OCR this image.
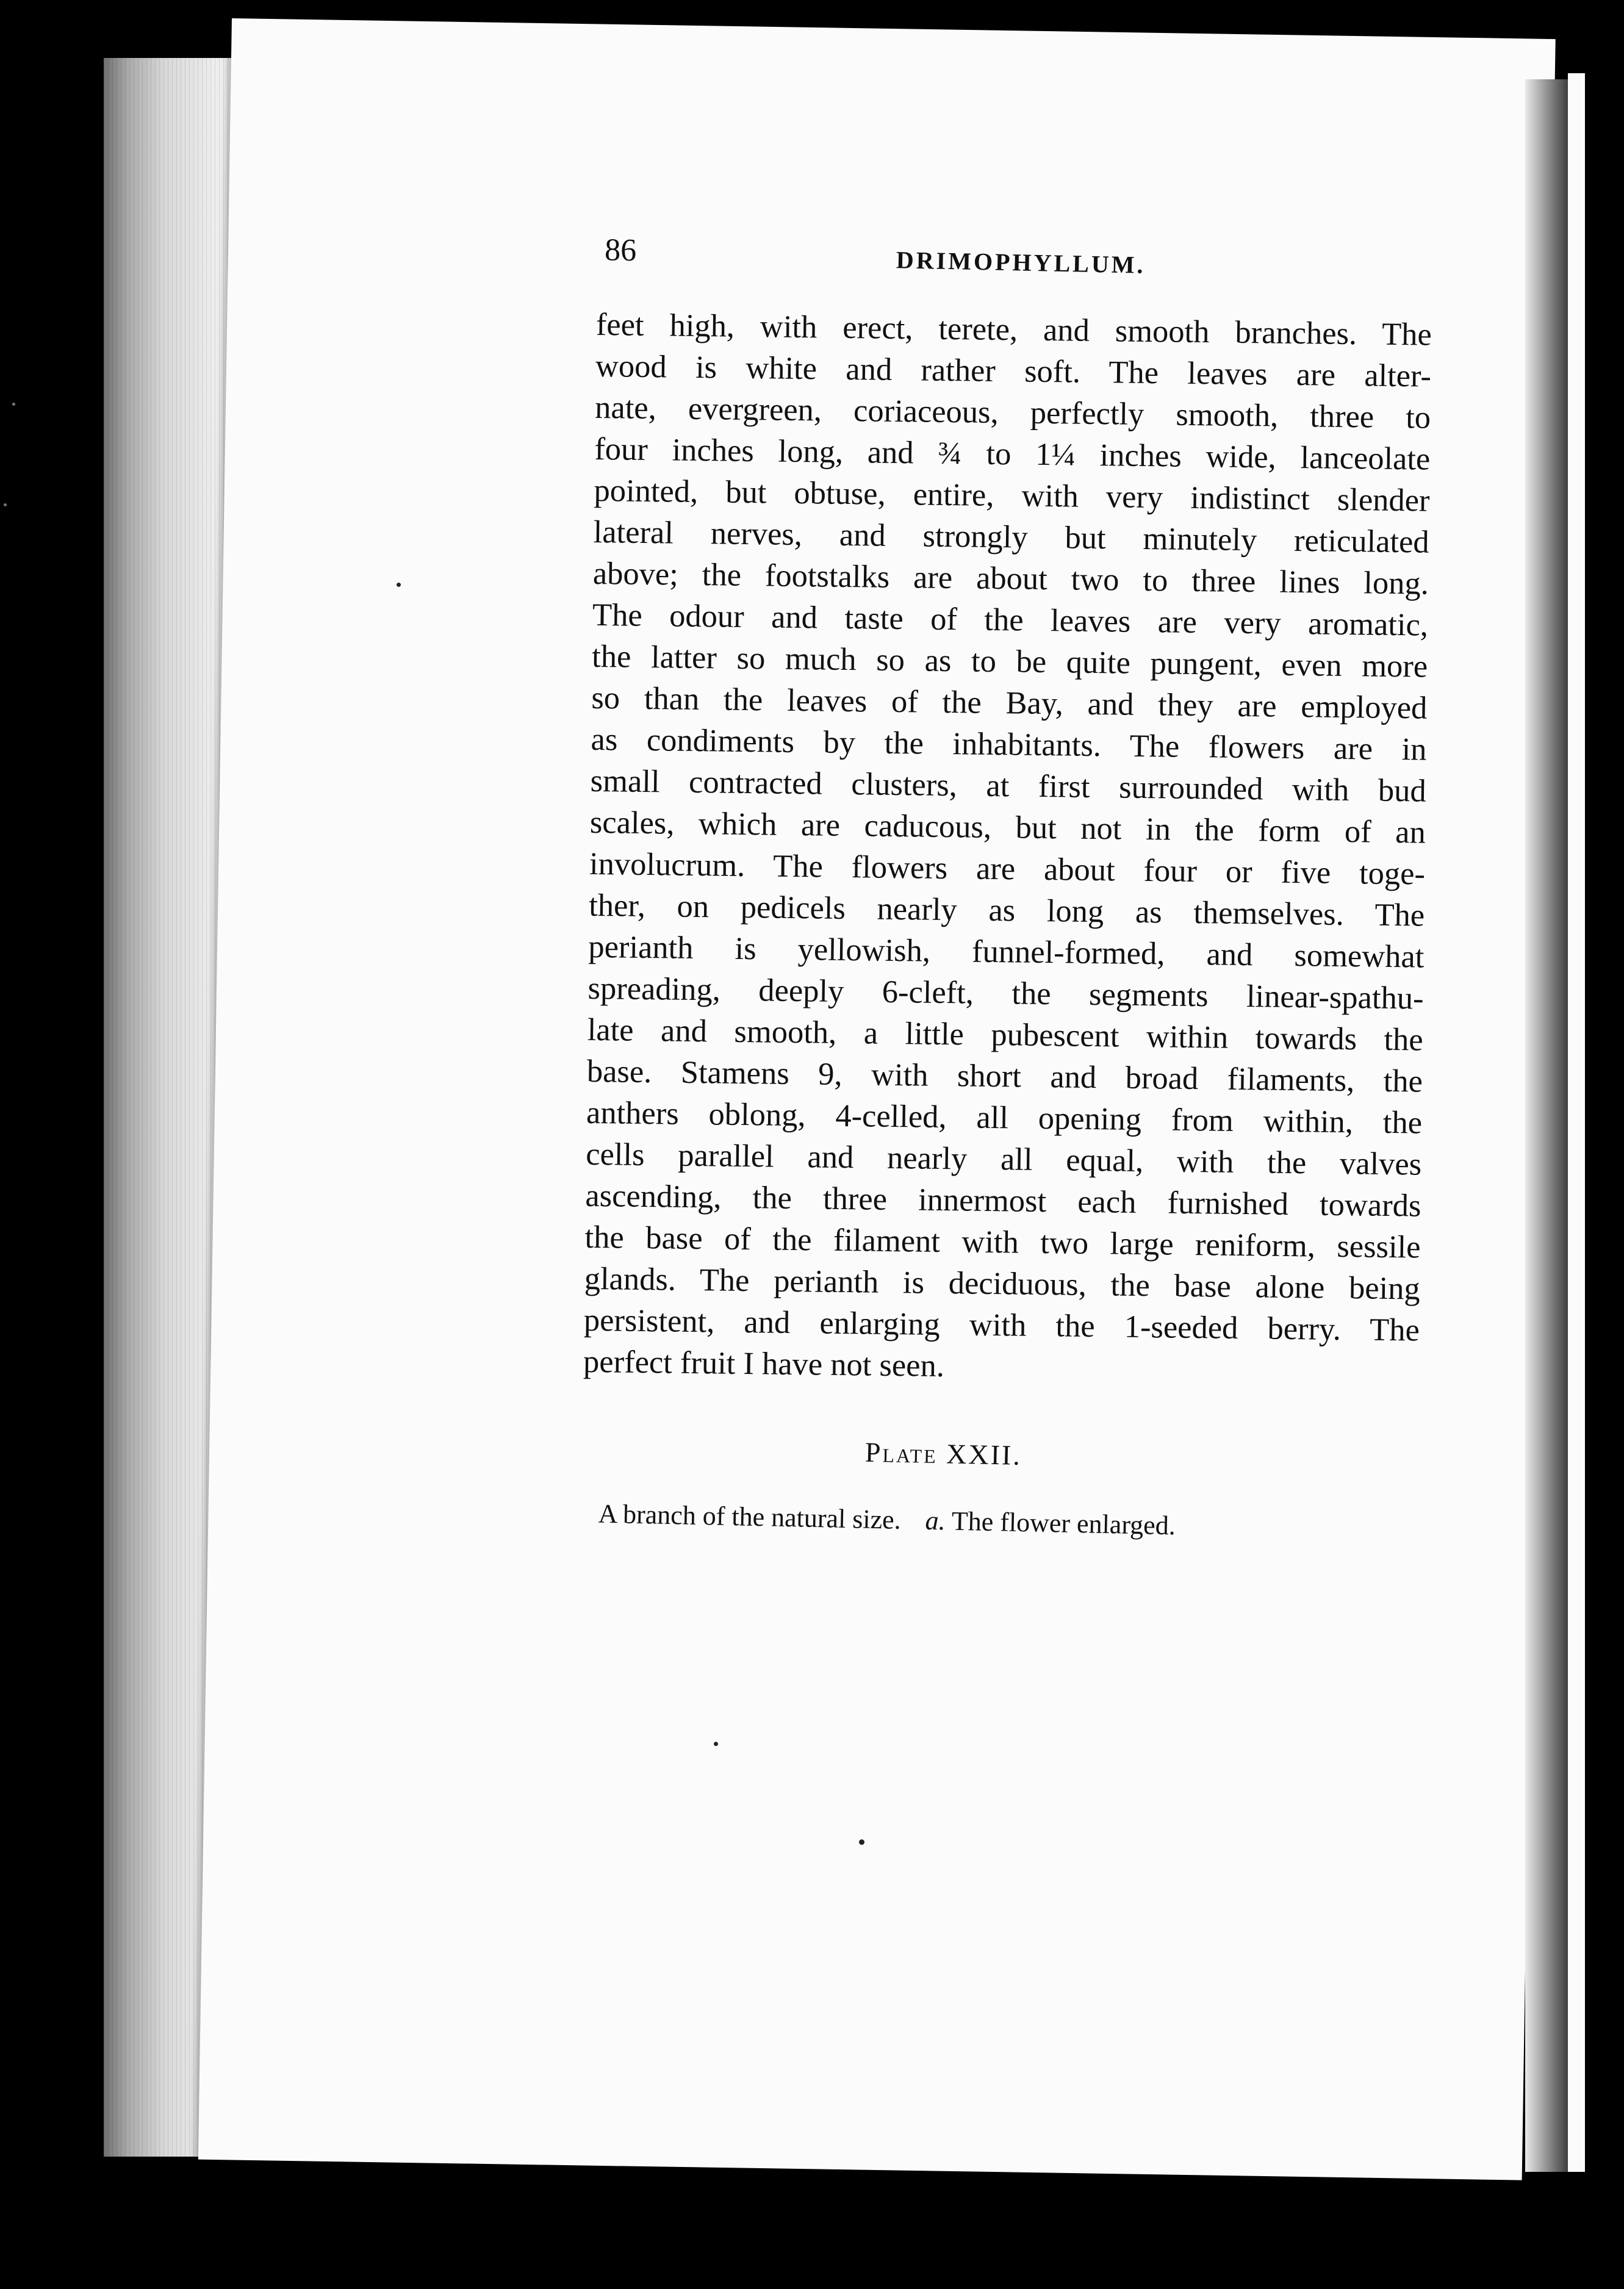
86	DRIMOPHYLLUM.
feet high, with erect, terete, and smooth branches. The
wood is white and rather soft. The leaves are alter-
nate, evergreen, coriaceous, perfectly smooth, three to
four inches long, and ¾ to 1¼ inches wide, lanceolate
pointed, but obtuse, entire, with very indistinct slender
lateral nerves, and strongly but minutely reticulated
above; the footstalks are about two to three lines long.
The odour and taste of the leaves are very aromatic,
the latter so much so as to be quite pungent, even more
so than the leaves of the Bay, and they are employed
as condiments by the inhabitants. The flowers are in
small contracted clusters, at first surrounded with bud
scales, which are caducous, but not in the form of an
involucrum. The flowers are about four or five toge-
ther, on pedicels nearly as long as themselves. The
perianth is yellowish, funnel-formed, and somewhat
spreading, deeply 6-cleft, the segments linear-spathu-
late and smooth, a little pubescent within towards the
base. Stamens 9, with short and broad filaments, the
anthers oblong, 4-celled, all opening from within, the
cells parallel and nearly all equal, with the valves
ascending, the three innermost each furnished towards
the base of the filament with two large reniform, sessile
glands. The perianth is deciduous, the base alone being
persistent, and enlarging with the 1-seeded berry. The
perfect fruit I have not seen.
Plate XXII.
A branch of the natural size. a. The flower enlarged.
